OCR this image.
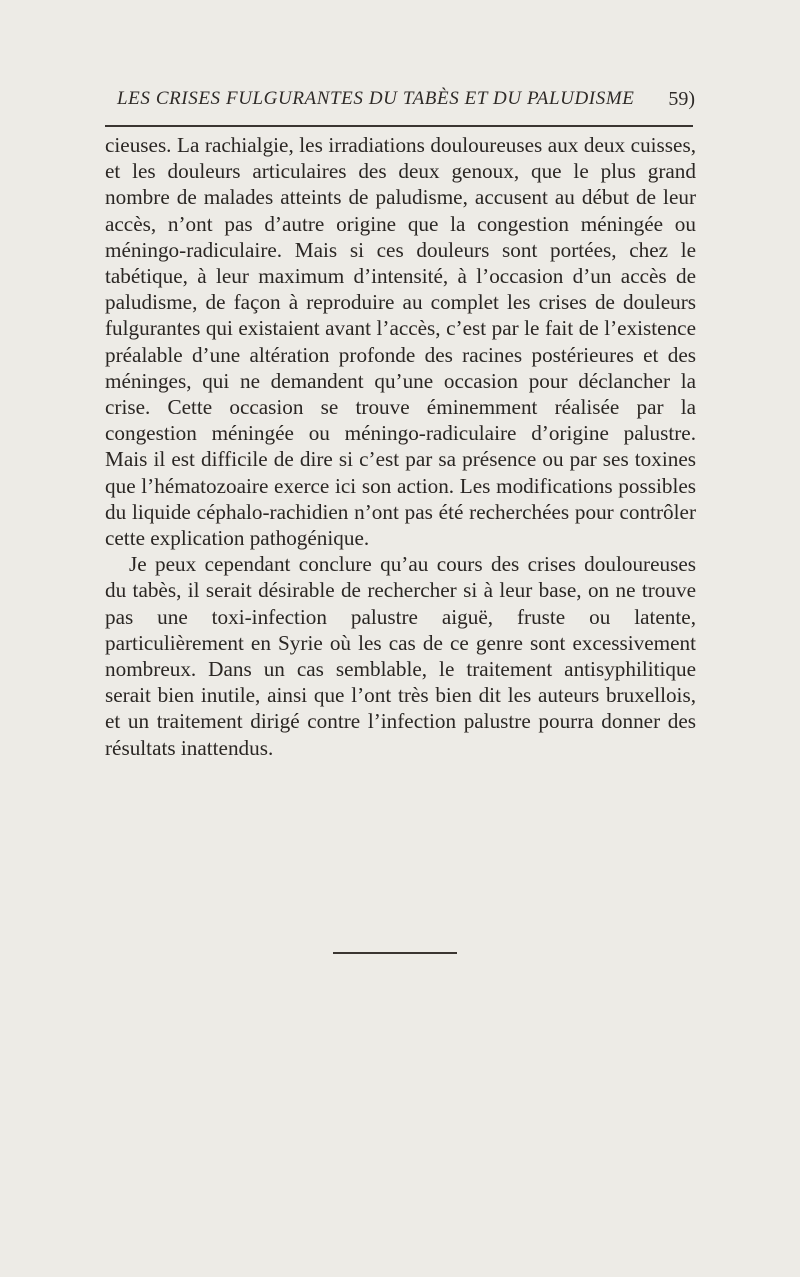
LES CRISES FULGURANTES DU TABÈS ET DU PALUDISME 59)

cieuses. La rachialgie, les irradiations douloureuses aux deux cuisses, et les douleurs articulaires des deux genoux, que le plus grand nombre de malades atteints de paludisme, accusent au début de leur accès, n’ont pas d’autre origine que la congestion méningée ou méningo-radiculaire. Mais si ces douleurs sont portées, chez le tabétique, à leur maximum d’intensité, à l’occasion d’un accès de paludisme, de façon à reproduire au complet les crises de douleurs fulgurantes qui existaient avant l’accès, c’est par le fait de l’existence préalable d’une altération profonde des racines postérieures et des méninges, qui ne demandent qu’une occasion pour déclancher la crise. Cette occasion se trouve éminemment réalisée par la congestion méningée ou méningo-radiculaire d’origine palustre. Mais il est difficile de dire si c’est par sa présence ou par ses toxines que l’hématozoaire exerce ici son action. Les modifications possibles du liquide céphalo-rachidien n’ont pas été recherchées pour contrôler cette explication pathogénique.

Je peux cependant conclure qu’au cours des crises douloureuses du tabès, il serait désirable de rechercher si à leur base, on ne trouve pas une toxi-infection palustre aiguë, fruste ou latente, particulièrement en Syrie où les cas de ce genre sont excessivement nombreux. Dans un cas semblable, le traitement antisyphilitique serait bien inutile, ainsi que l’ont très bien dit les auteurs bruxellois, et un traitement dirigé contre l’infection palustre pourra donner des résultats inattendus.
